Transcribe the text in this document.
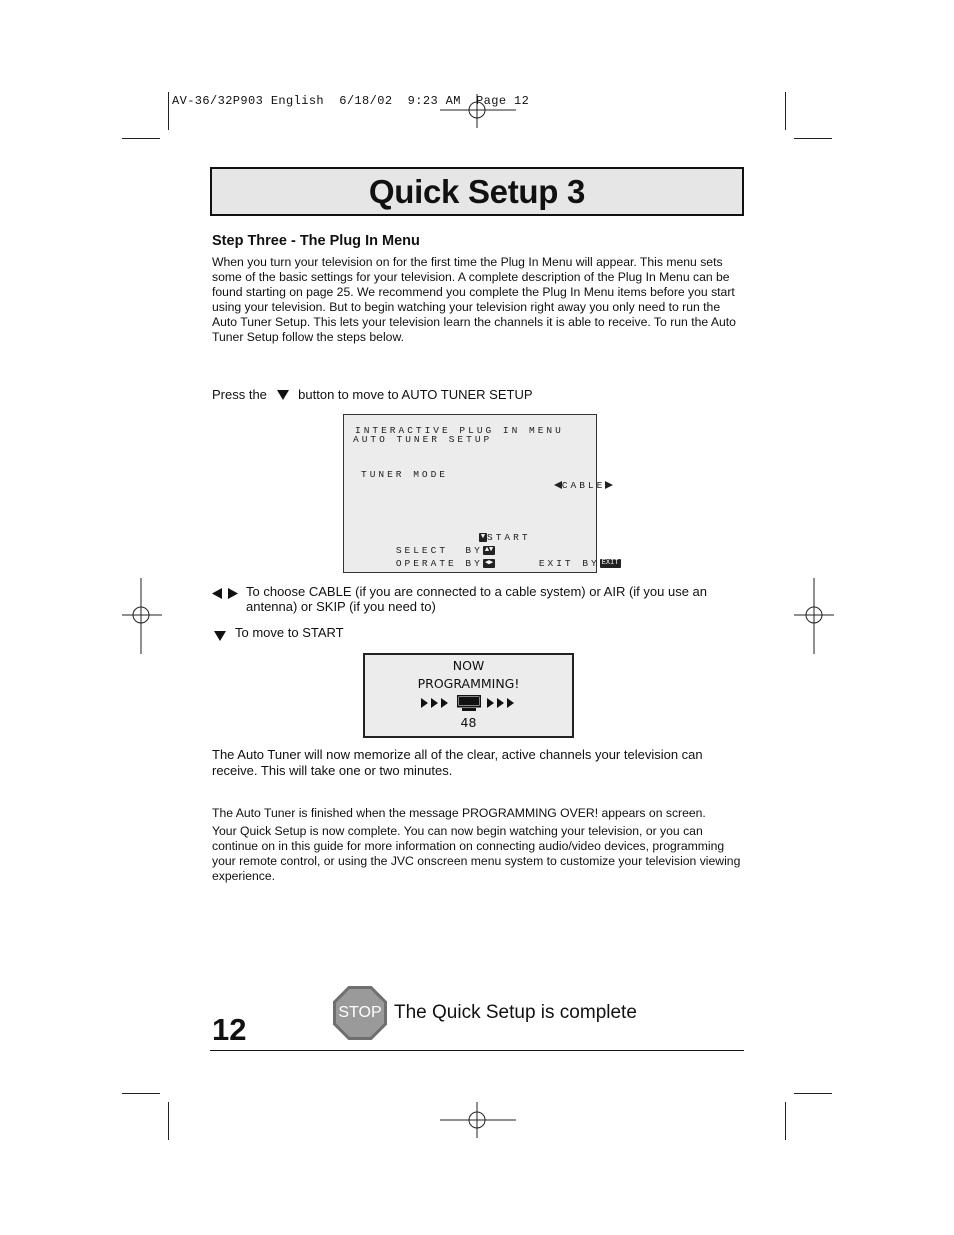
AV-36/32P903 English  6/18/02  9:23 AM  Page 12
Quick Setup 3
Step Three - The Plug In Menu
When you turn your television on for the first time the Plug In Menu will appear. This menu sets some of the basic settings for your television. A complete description of the Plug In Menu can be found starting on page 25. We recommend you complete the Plug In Menu items before you start using your television. But to begin watching your television right away you only need to run the Auto Tuner Setup. This lets your television learn the channels it is able to receive. To run the Auto Tuner Setup follow the steps below.
Press the button to move to AUTO TUNER SETUP
INTERACTIVE PLUG IN MENU
AUTO TUNER SETUP
TUNER MODE

CABLE

▼ START

SELECT  BY ▲▼

OPERATE BY ◀▶
	EXIT BY EXIT

To choose CABLE (if you are connected to a cable system) or AIR (if you use an antenna) or SKIP (if you need to)
To move to START
NOW
PROGRAMMING!
48
The Auto Tuner will now memorize all of the clear, active channels your television can receive. This will take one or two minutes.
The Auto Tuner is finished when the message PROGRAMMING OVER! appears on screen.
Your Quick Setup is now complete. You can now begin watching your television, or you can continue on in this guide for more information on connecting audio/video devices, programming your remote control, or using the JVC onscreen menu system to customize your television viewing experience.
12	STOP The Quick Setup is complete
